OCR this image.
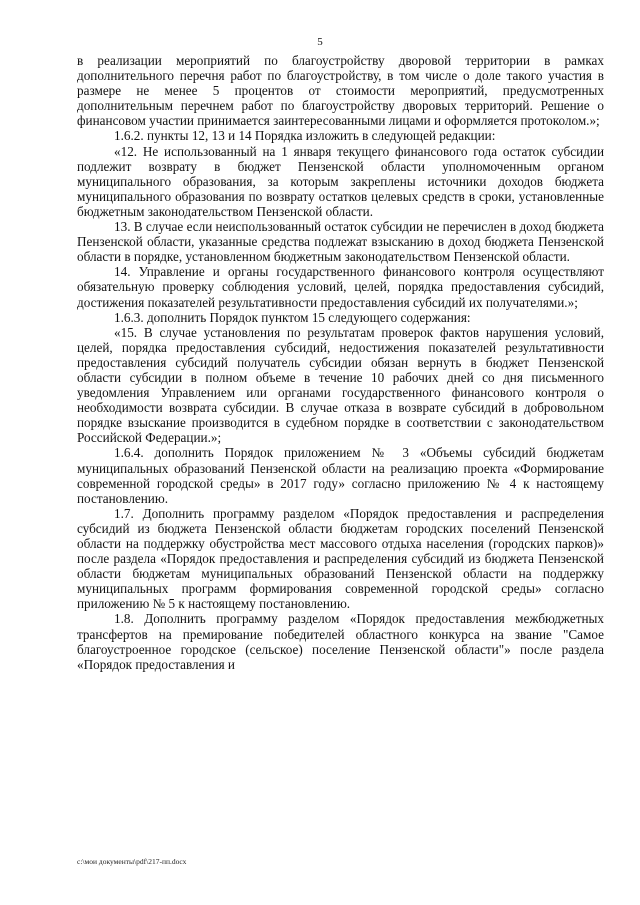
5

в реализации мероприятий по благоустройству дворовой территории в рамках дополнительного перечня работ по благоустройству, в том числе о доле такого участия в размере не менее 5 процентов от стоимости мероприятий, предусмотренных дополнительным перечнем работ по благоустройству дворовых территорий. Решение о финансовом участии принимается заинтересованными лицами и оформляется протоколом.»;

1.6.2. пункты 12, 13 и 14 Порядка изложить в следующей редакции:

«12. Не использованный на 1 января текущего финансового года остаток субсидии подлежит возврату в бюджет Пензенской области уполномоченным органом муниципального образования, за которым закреплены источники доходов бюджета муниципального образования по возврату остатков целевых средств в сроки, установленные бюджетным законодательством Пензенской области.

13. В случае если неиспользованный остаток субсидии не перечислен в доход бюджета Пензенской области, указанные средства подлежат взысканию в доход бюджета Пензенской области в порядке, установленном бюджетным законодательством Пензенской области.

14. Управление и органы государственного финансового контроля осуществляют обязательную проверку соблюдения условий, целей, порядка предоставления субсидий, достижения показателей результативности предоставления субсидий их получателями.»;

1.6.3. дополнить Порядок пунктом 15 следующего содержания:

«15. В случае установления по результатам проверок фактов нарушения условий, целей, порядка предоставления субсидий, недостижения показателей результативности предоставления субсидий получатель субсидии обязан вернуть в бюджет Пензенской области субсидии в полном объеме в течение 10 рабочих дней со дня письменного уведомления Управлением или органами государственного финансового контроля о необходимости возврата субсидии. В случае отказа в возврате субсидий в добровольном порядке взыскание производится в судебном порядке в соответствии с законодательством Российской Федерации.»;

1.6.4. дополнить Порядок приложением № 3 «Объемы субсидий бюджетам муниципальных образований Пензенской области на реализацию проекта «Формирование современной городской среды» в 2017 году» согласно приложению № 4 к настоящему постановлению.

1.7. Дополнить программу разделом «Порядок предоставления и распределения субсидий из бюджета Пензенской области бюджетам городских поселений Пензенской области на поддержку обустройства мест массового отдыха населения (городских парков)» после раздела «Порядок предоставления и распределения субсидий из бюджета Пензенской области бюджетам муниципальных образований Пензенской области на поддержку муниципальных программ формирования современной городской среды» согласно приложению № 5 к настоящему постановлению.

1.8. Дополнить программу разделом «Порядок предоставления межбюджетных трансфертов на премирование победителей областного конкурса на звание "Самое благоустроенное городское (сельское) поселение Пензенской области"» после раздела «Порядок предоставления и

c:\мои документы\pdf\217-пп.docx
